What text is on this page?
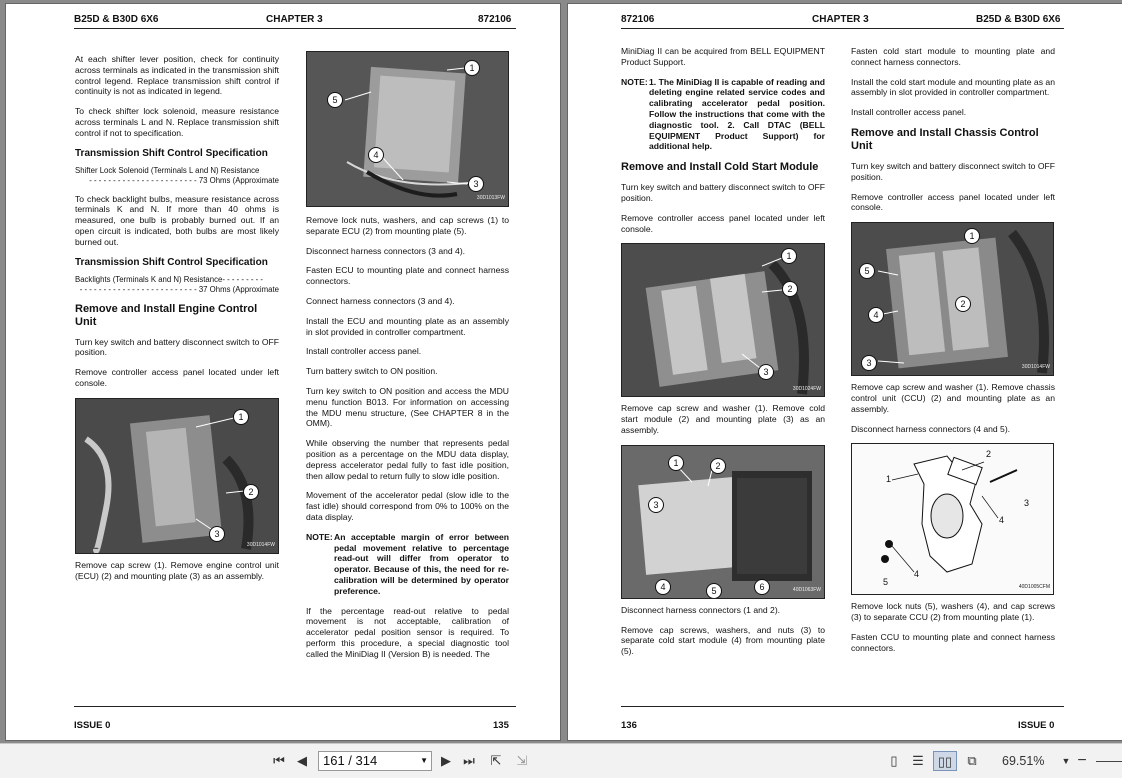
B25D & B30D 6X6	CHAPTER 3	872106

At each shifter lever position, check for continuity across terminals as indicated in the transmission shift control legend. Replace transmission shift control if continuity is not as indicated in legend.

To check shifter lock solenoid, measure resistance across terminals L and N. Replace transmission shift control if not to specification.

Transmission Shift Control Specification
Shifter Lock Solenoid (Terminals L and N) Resistance
- - - - - - - - - - - - - - - - - - - - - - - 73 Ohms (Approximate

To check backlight bulbs, measure resistance across terminals K and N. If more than 40 ohms is measured, one bulb is probably burned out. If an open circuit is indicated, both bulbs are most likely burned out.

Transmission Shift Control Specification
Backlights (Terminals K and N) Resistance- - - - - - - - -
- - - - - - - - - - - - - - - - - - - - - - - - - 37 Ohms (Approximate
Remove and Install Engine Control Unit

Turn key switch and battery disconnect switch to OFF position.

Remove controller access panel located under left console.

1
2
3
30D1014FW

Remove cap screw (1). Remove engine control unit (ECU) (2) and mounting plate (3) as an assembly.

1
5
4
3
30D1013FW

Remove lock nuts, washers, and cap screws (1) to separate ECU (2) from mounting plate (5).

Disconnect harness connectors (3 and 4).

Fasten ECU to mounting plate and connect harness connectors.

Connect harness connectors (3 and 4).

Install the ECU and mounting plate as an assembly in slot provided in controller compartment.

Install controller access panel.

Turn battery switch to ON position.

Turn key switch to ON position and access the MDU menu function B013. For information on accessing the MDU menu structure, (See CHAPTER 8 in the OMM).

While observing the number that represents pedal position as a percentage on the MDU data display, depress accelerator pedal fully to fast idle position, then allow pedal to return fully to slow idle position.

Movement of the accelerator pedal (slow idle to the fast idle) should correspond from 0% to 100% on the data display.

NOTE: An acceptable margin of error between pedal movement relative to percentage read-out will differ from operator to operator. Because of this, the need for re-calibration will be determined by operator preference.

If the percentage read-out relative to pedal movement is not acceptable, calibration of accelerator pedal position sensor is required. To perform this procedure, a special diagnostic tool called the MiniDiag II (Version B) is needed. The

ISSUE 0	135
872106	CHAPTER 3	B25D & B30D 6X6

MiniDiag II can be acquired from BELL EQUIPMENT Product Support.

NOTE: 1. The MiniDiag II is capable of reading and deleting engine related service codes and calibrating accelerator pedal position. Follow the instructions that come with the diagnostic tool. 2. Call DTAC (BELL EQUIPMENT Product Support) for additional help.
Remove and Install Cold Start Module

Turn key switch and battery disconnect switch to OFF position.

Remove controller access panel located under left console.

1
2
3
30D1024FW

Remove cap screw and washer (1). Remove cold start module (2) and mounting plate (3) as an assembly.

1	2
3
4	5	6	40D1063FW

Disconnect harness connectors (1 and 2).

Remove cap screws, washers, and nuts (3) to separate cold start module (4) from mounting plate (5).

Fasten cold start module to mounting plate and connect harness connectors.

Install the cold start module and mounting plate as an assembly in slot provided in controller compartment.

Install controller access panel.

Remove and Install Chassis Control Unit

Turn key switch and battery disconnect switch to OFF position.

Remove controller access panel located under left console.

1
5
2
4
3	30D1014FW

Remove cap screw and washer (1). Remove chassis control unit (CCU) (2) and mounting plate as an assembly.

Disconnect harness connectors (4 and 5).

2
1
3
4
4
5	40D1005CFM

Remove lock nuts (5), washers (4), and cap screws (3) to separate CCU (2) from mounting plate (1).

Fasten CCU to mounting plate and connect harness connectors.

136	ISSUE 0
⏮ ◀	161 / 314	▼ ▶ ⏭	⇱	⇲	▯	☰	▯▯	⧉	69.51% ▼ −
